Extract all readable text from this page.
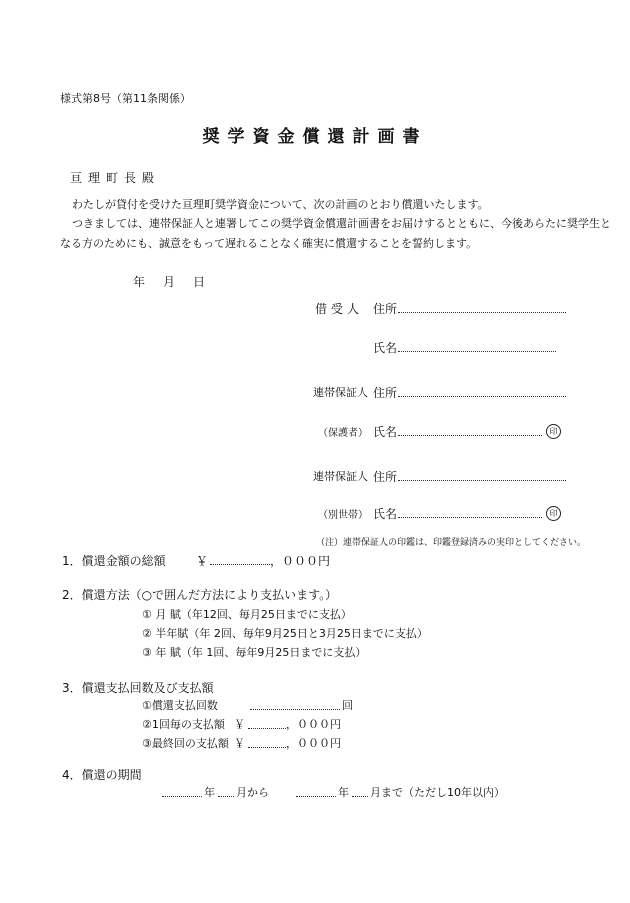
様式第8号（第11条関係）
奨学資金償還計画書
亘理町長殿
わたしが貸付を受けた亘理町奨学資金について、次の計画のとおり償還いたします。
つきましては、連帯保証人と連署してこの奨学資金償還計画書をお届けするとともに、今後あらたに奨学生と
なる方のためにも、誠意をもって遅れることなく確実に償還することを誓約します。
年 月 日
借受人 住所
氏名
連帯保証人 住所
（保護者） 氏名	印
連帯保証人 住所
（別世帯） 氏名	印
（注）連帯保証人の印鑑は、印鑑登録済みの実印としてください。
1．償還金額の総額	￥	，０００円
2．償還方法（○で囲んだ方法により支払います。）
① 月 賦（年12回、毎月25日までに支払）
② 半年賦（年 2回、毎年9月25日と3月25日までに支払）
③ 年 賦（年 1回、毎年9月25日までに支払）
3．償還支払回数及び支払額
①償還支払回数	回
②1回毎の支払額 ￥	，０００円
③最終回の支払額 ￥	，０００円
4．償還の期間
年 月から	年 月まで（ただし10年以内）
